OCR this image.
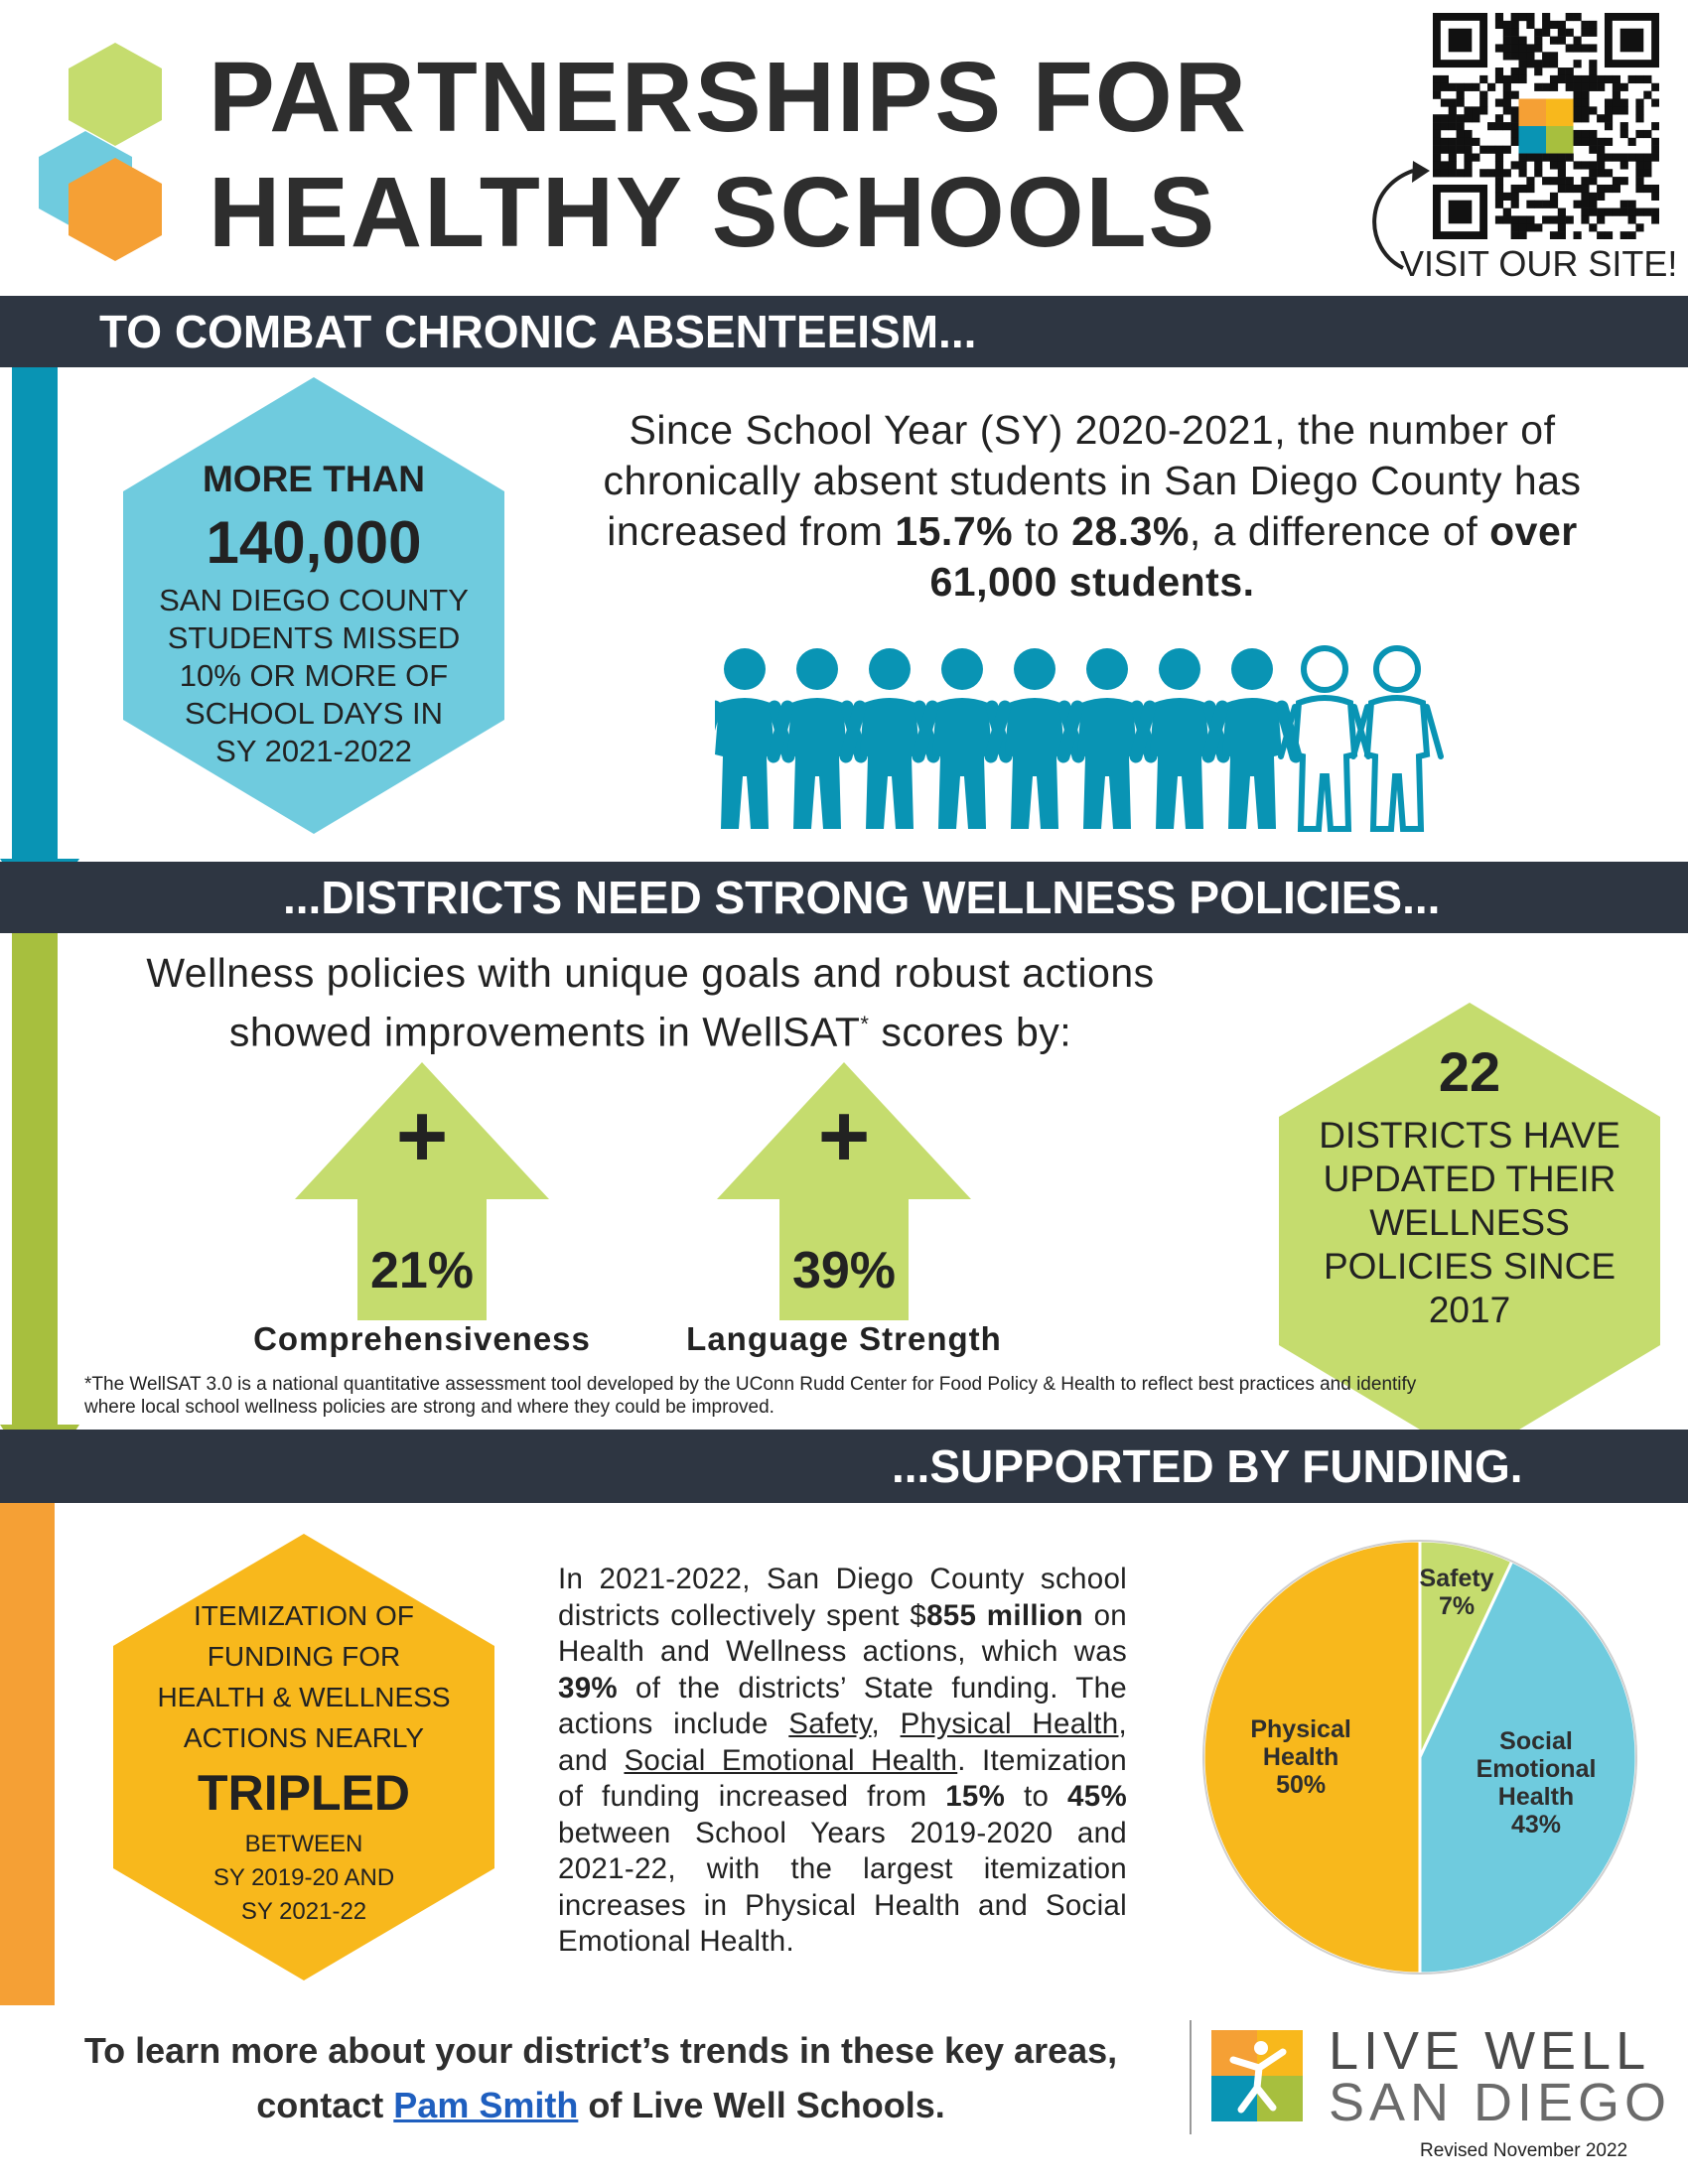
PARTNERSHIPS FOR
HEALTHY SCHOOLS	VISIT OUR SITE!
TO COMBAT CHRONIC ABSENTEEISM...
MORE THAN
140,000
SAN DIEGO COUNTY
STUDENTS MISSED
10% OR MORE OF
SCHOOL DAYS IN
SY 2021-2022
Since School Year (SY) 2020-2021, the number of chronically absent students in San Diego County has increased from 15.7% to 28.3%, a difference of over 61,000 students.
...DISTRICTS NEED STRONG WELLNESS POLICIES...
Wellness policies with unique goals and robust actions
showed improvements in WellSAT* scores by:
+	+
21%	39%
Comprehensiveness	Language Strength
22
DISTRICTS HAVE
UPDATED THEIR
WELLNESS
POLICIES SINCE
2017
*The WellSAT 3.0 is a national quantitative assessment tool developed by the UConn Rudd Center for Food Policy & Health to reflect best practices and identify where local school wellness policies are strong and where they could be improved.
...SUPPORTED BY FUNDING.
ITEMIZATION OF
FUNDING FOR
HEALTH & WELLNESS
ACTIONS NEARLY
TRIPLED
BETWEEN
SY 2019-20 AND
SY 2021-22
In 2021-2022, San Diego County school districts collectively spent $855 million on Health and Wellness actions, which was 39% of the districts’ State funding. The actions include Safety, Physical Health, and Social Emotional Health. Itemization of funding increased from 15% to 45% between School Years 2019-2020 and 2021-22, with the largest itemization increases in Physical Health and Social Emotional Health.
Safety
7%
Social
Emotional
Health
43%
Physical
Health
50%
To learn more about your district’s trends in these key areas,
contact Pam Smith of Live Well Schools.
LIVE WELL
SAN DIEGO
Revised November 2022
